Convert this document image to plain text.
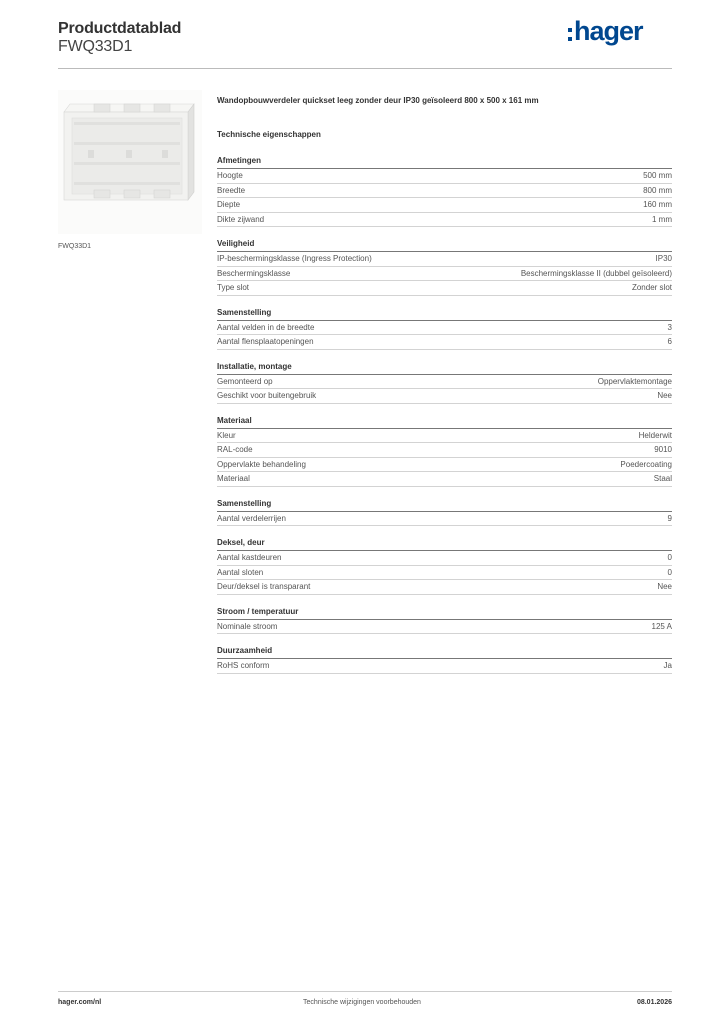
Productdatablad
FWQ33D1
hager
FWQ33D1
Wandopbouwverdeler quickset leeg zonder deur IP30 geïsoleerd 800 x 500 x 161 mm
Technische eigenschappen
Afmetingen
Hoogte	500 mm
Breedte	800 mm
Diepte	160 mm
Dikte zijwand	1 mm
Veiligheid
IP-beschermingsklasse (Ingress Protection)	IP30
Beschermingsklasse	Beschermingsklasse II (dubbel geïsoleerd)
Type slot	Zonder slot
Samenstelling
Aantal velden in de breedte	3
Aantal flensplaatopeningen	6
Installatie, montage
Gemonteerd op	Oppervlaktemontage
Geschikt voor buitengebruik	Nee
Materiaal
Kleur	Helderwit
RAL-code	9010
Oppervlakte behandeling	Poedercoating
Materiaal	Staal
Samenstelling
Aantal verdelerrijen	9
Deksel, deur
Aantal kastdeuren	0
Aantal sloten	0
Deur/deksel is transparant	Nee
Stroom / temperatuur
Nominale stroom	125 A
Duurzaamheid
RoHS conform	Ja
hager.com/nl	Technische wijzigingen voorbehouden	08.01.2026
